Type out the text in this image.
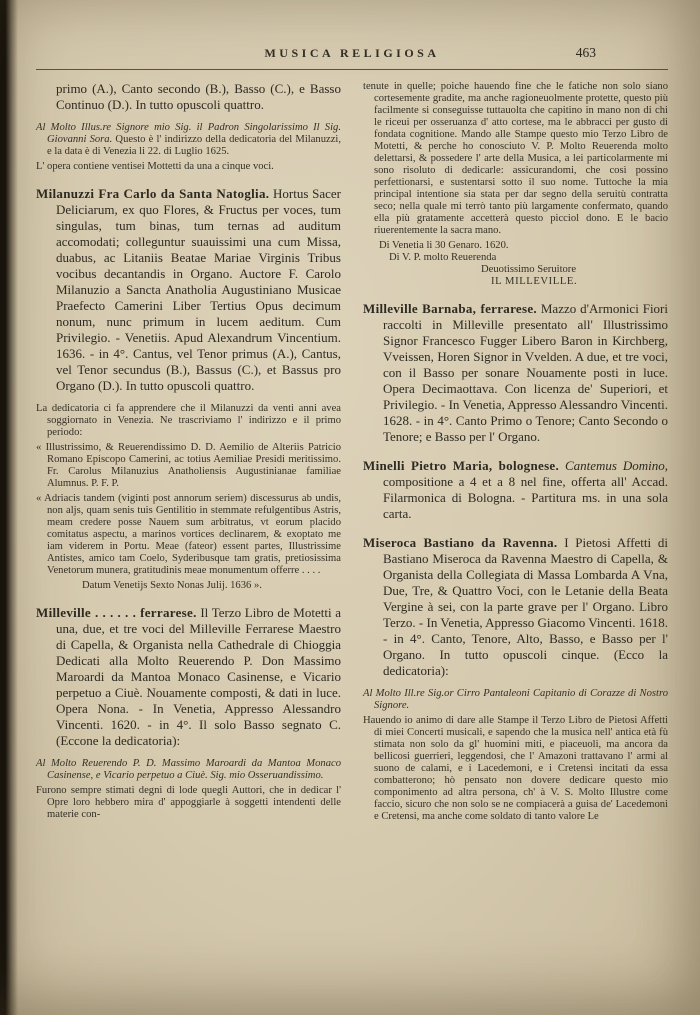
MUSICA RELIGIOSA	463

primo (A.), Canto secondo (B.), Basso (C.), e Basso Continuo (D.). In tutto opuscoli quattro.

Al Molto Illus.re Signore mio Sig. il Padron Singolarissimo Il Sig. Giovanni Sora. Questo è l' indirizzo della dedicatoria del Milanuzzi, e la data è di Venezia li 22. di Luglio 1625.

L' opera contiene ventisei Mottetti da una a cinque voci.

Milanuzzi Fra Carlo da Santa Natoglia. Hortus Sacer Deliciarum, ex quo Flores, & Fructus per voces, tum singulas, tum binas, tum ternas ad auditum accomodati; colleguntur suauissimi una cum Missa, duabus, ac Litaniis Beatae Mariae Virginis Tribus vocibus decantandis in Organo. Auctore F. Carolo Milanuzio a Sancta Anatholia Augustiniano Musicae Praefecto Camerini Liber Tertius Opus decimum nonum, nunc primum in lucem aeditum. Cum Privilegio. - Venetiis. Apud Alexandrum Vincentium. 1636. - in 4°. Cantus, vel Tenor primus (A.), Cantus, vel Tenor secundus (B.), Bassus (C.), et Bassus pro Organo (D.). In tutto opuscoli quattro.

La dedicatoria ci fa apprendere che il Milanuzzi da venti anni avea soggiornato in Venezia. Ne trascriviamo l' indirizzo e il primo periodo:

« Illustrissimo, & Reuerendissimo D. D. Aemilio de Alteriis Patricio Romano Episcopo Camerini, ac totius Aemiliae Presidi meritissimo. Fr. Carolus Milanuzius Anatholiensis Augustinianae familiae Alumnus. P. F. P.

« Adriacis tandem (viginti post annorum seriem) discessurus ab undis, non aljs, quam senis tuis Gentilitio in stemmate refulgentibus Astris, meam credere posse Nauem sum arbitratus, vt eorum placido comitatus aspectu, a marinos vortices declinarem, & exoptato me iam viderem in Portu. Meae (fateor) essent partes, Illustrissime Antistes, amico tam Coelo, Syderibusque tam gratis, pretiosissima Venetorum munera, gratitudinis meae monumentum offerre . . . .

Datum Venetijs Sexto Nonas Julij. 1636 ».

Milleville . . . . . . ferrarese. Il Terzo Libro de Motetti a una, due, et tre voci del Milleville Ferrarese Maestro di Capella, & Organista nella Cathedrale di Chioggia Dedicati alla Molto Reuerendo P. Don Massimo Maroardi da Mantoa Monaco Casinense, e Vicario perpetuo a Ciuè. Nouamente composti, & dati in luce. Opera Nona. - In Venetia, Appresso Alessandro Vincenti. 1620. - in 4°. Il solo Basso segnato C. (Eccone la dedicatoria):

Al Molto Reuerendo P. D. Massimo Maroardi da Mantoa Monaco Casinense, e Vicario perpetuo a Ciuè. Sig. mio Osseruandissimo.

Furono sempre stimati degni di lode quegli Auttori, che in dedicar l' Opre loro hebbero mira d' appoggiarle à soggetti intendenti delle materie con-

tenute in quelle; poiche hauendo fine che le fatiche non solo siano cortesemente gradite, ma anche ragioneuolmente protette, questo più facilmente si conseguisse tuttauolta che capitino in mano non di chi le riceui per osseruanza d' atto cortese, ma le abbracci per gusto di fondata cognitione. Mando alle Stampe questo mio Terzo Libro de Motetti, & perche ho conosciuto V. P. Molto Reuerenda molto delettarsi, & possedere l' arte della Musica, a lei particolarmente mi sono risoluto di dedicarle: assicurandomi, che così possino perfettionarsi, e sustentarsi sotto il suo nome. Tuttoche la mia principal intentione sia stata per dar segno della seruitù contratta seco; nella quale mi terrò tanto più largamente confermato, quando ella più gratamente accetterà questo picciol dono. E le bacio riuerentemente la sacra mano.

Di Venetia li 30 Genaro. 1620.

Di V. P. molto Reuerenda

Deuotissimo Seruitore

IL MILLEVILLE.

Milleville Barnaba, ferrarese. Mazzo d'Armonici Fiori raccolti in Milleville presentato all' Illustrissimo Signor Francesco Fugger Libero Baron in Kirchberg, Vveissen, Horen Signor in Vvelden. A due, et tre voci, con il Basso per sonare Nouamente posti in luce. Opera Decimaottava. Con licenza de' Superiori, et Privilegio. - In Venetia, Appresso Alessandro Vincenti. 1628. - in 4°. Canto Primo o Tenore; Canto Secondo o Tenore; e Basso per l' Organo.

Minelli Pietro Maria, bolognese. Cantemus Domino, compositione a 4 et a 8 nel fine, offerta all' Accad. Filarmonica di Bologna. - Partitura ms. in una sola carta.

Miseroca Bastiano da Ravenna. I Pietosi Affetti di Bastiano Miseroca da Ravenna Maestro di Capella, & Organista della Collegiata di Massa Lombarda A Vna, Due, Tre, & Quattro Voci, con le Letanie della Beata Vergine à sei, con la parte grave per l' Organo. Libro Terzo. - In Venetia, Appresso Giacomo Vincenti. 1618. - in 4°. Canto, Tenore, Alto, Basso, e Basso per l' Organo. In tutto opuscoli cinque. (Ecco la dedicatoria):

Al Molto Ill.re Sig.or Cirro Pantaleoni Capitanio di Corazze di Nostro Signore.

Hauendo io animo di dare alle Stampe il Terzo Libro de Pietosi Affetti di miei Concerti musicali, e sapendo che la musica nell' antica età fù stimata non solo da gl' huomini miti, e piaceuoli, ma ancora da bellicosi guerrieri, leggendosi, che l' Amazoni trattavano l' armi al suono de calami, e i Lacedemoni, e i Cretensi incitati da essa combatterono; hò pensato non dovere dedicare questo mio componimento ad altra persona, ch' à V. S. Molto Illustre come faccio, sicuro che non solo se ne compiacerà a guisa de' Lacedemoni e Cretensi, ma anche come soldato di tanto valore Le
